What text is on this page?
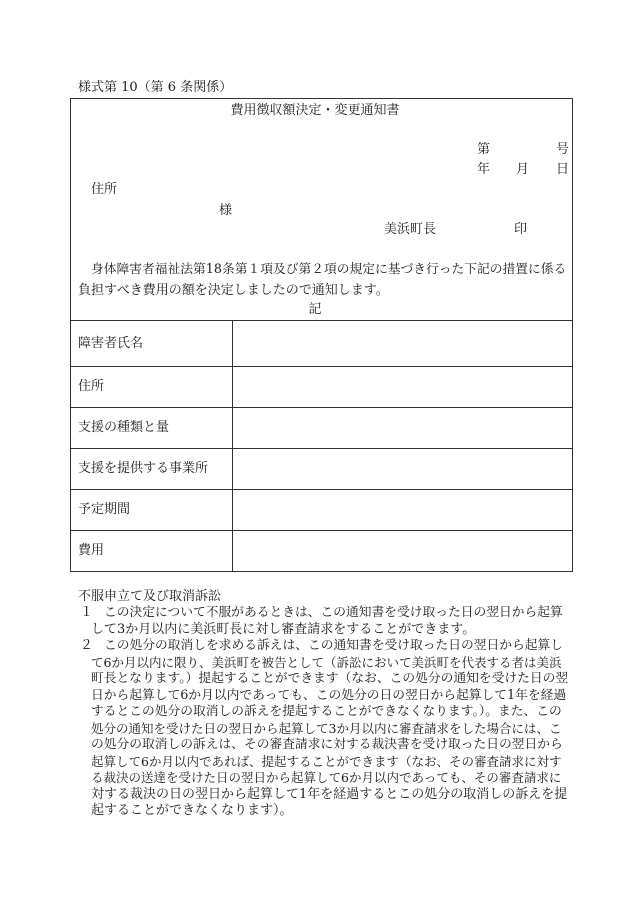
様式第 10（第 6 条関係）
費用徴収額決定・変更通知書
第	号
年 月 日
住所
様
美浜町長	印
身体障害者福祉法第18条第１項及び第２項の規定に基づき行った下記の措置に係る
負担すべき費用の額を決定しましたので通知します。
記
障害者氏名
住所
支援の種類と量
支援を提供する事業所
予定期間
費用
不服申立て及び取消訴訟
１ この決定について不服があるときは、この通知書を受け取った日の翌日から起算
して3か月以内に美浜町長に対し審査請求をすることができます。
２ この処分の取消しを求める訴えは、この通知書を受け取った日の翌日から起算し
て6か月以内に限り、美浜町を被告として（訴訟において美浜町を代表する者は美浜
町長となります。）提起することができます（なお、この処分の通知を受けた日の翌
日から起算して6か月以内であっても、この処分の日の翌日から起算して1年を経過
するとこの処分の取消しの訴えを提起することができなくなります。）。また、この
処分の通知を受けた日の翌日から起算して3か月以内に審査請求をした場合には、こ
の処分の取消しの訴えは、その審査請求に対する裁決書を受け取った日の翌日から
起算して6か月以内であれば、提起することができます（なお、その審査請求に対す
る裁決の送達を受けた日の翌日から起算して6か月以内であっても、その審査請求に
対する裁決の日の翌日から起算して1年を経過するとこの処分の取消しの訴えを提
起することができなくなります）。
